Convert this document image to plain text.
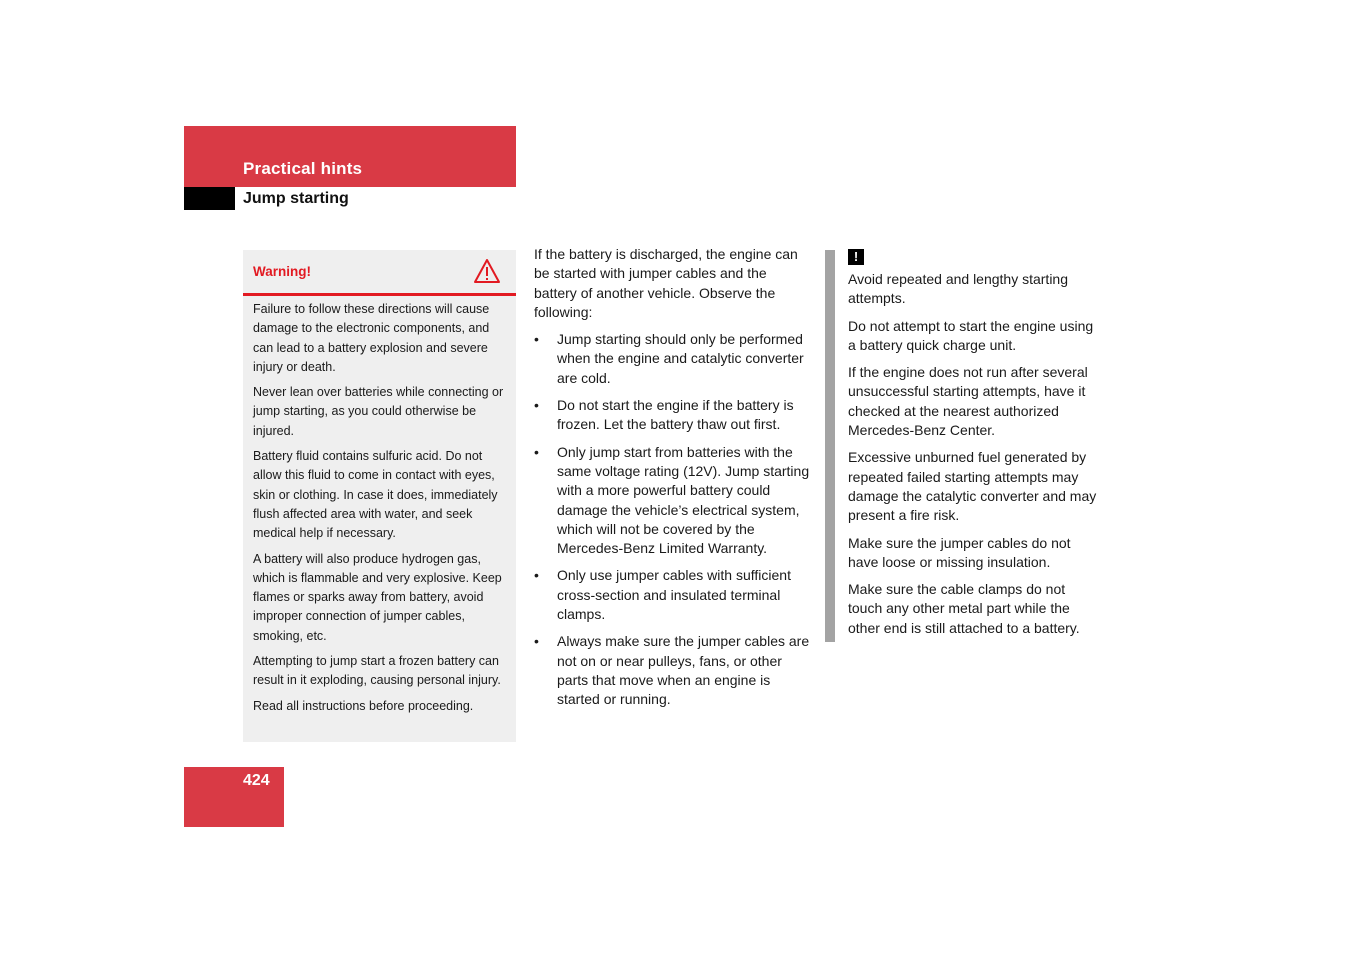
Practical hints
Jump starting
Warning!

Failure to follow these directions will cause damage to the electronic components, and can lead to a battery explosion and severe injury or death.

Never lean over batteries while connecting or jump starting, as you could otherwise be injured.

Battery fluid contains sulfuric acid. Do not allow this fluid to come in contact with eyes, skin or clothing. In case it does, immediately flush affected area with water, and seek medical help if necessary.

A battery will also produce hydrogen gas, which is flammable and very explosive. Keep flames or sparks away from battery, avoid improper connection of jumper cables, smoking, etc.

Attempting to jump start a frozen battery can result in it exploding, causing personal injury.

Read all instructions before proceeding.

If the battery is discharged, the engine can be started with jumper cables and the battery of another vehicle. Observe the following:

• Jump starting should only be performed when the engine and catalytic converter are cold.
• Do not start the engine if the battery is frozen. Let the battery thaw out first.
• Only jump start from batteries with the same voltage rating (12V). Jump starting with a more powerful battery could damage the vehicle’s electrical system, which will not be covered by the Mercedes-Benz Limited Warranty.
• Only use jumper cables with sufficient cross-section and insulated terminal clamps.
• Always make sure the jumper cables are not on or near pulleys, fans, or other parts that move when an engine is started or running.
!

Avoid repeated and lengthy starting attempts.

Do not attempt to start the engine using a battery quick charge unit.

If the engine does not run after several unsuccessful starting attempts, have it checked at the nearest authorized Mercedes-Benz Center.

Excessive unburned fuel generated by repeated failed starting attempts may damage the catalytic converter and may present a fire risk.

Make sure the jumper cables do not have loose or missing insulation.

Make sure the cable clamps do not touch any other metal part while the other end is still attached to a battery.

424
